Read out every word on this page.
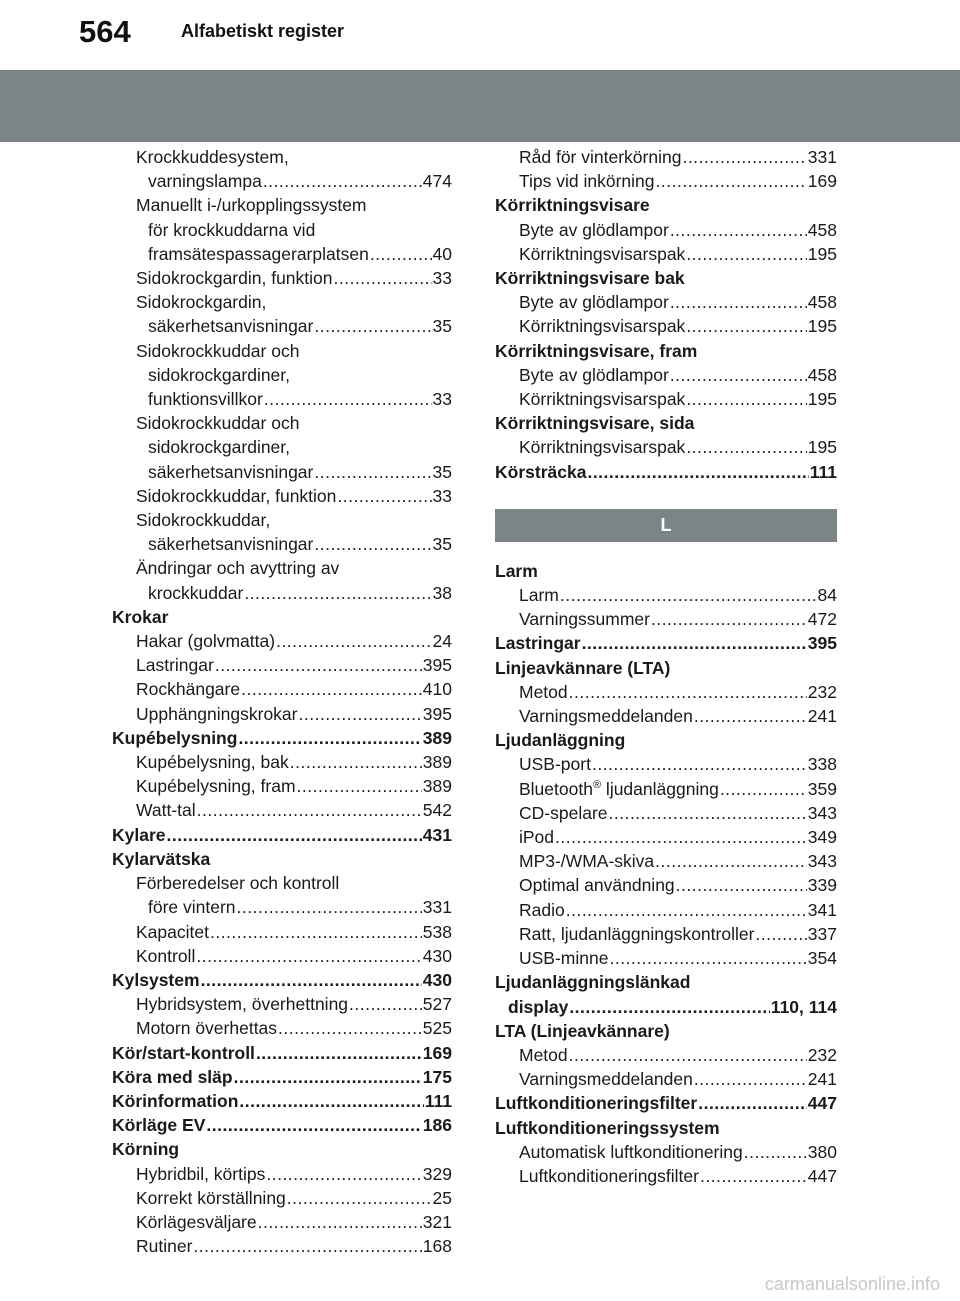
564	Alfabetiskt register
Krockkuddesystem,
varningslampa .....	474
Manuellt i-/urkopplingssystem
för krockkuddarna vid
framsätespassagerarplatsen .....	40
Sidokrockgardin, funktion .....	33
Sidokrockgardin,
säkerhetsanvisningar .....	35
Sidokrockkuddar och
sidokrockgardiner,
funktionsvillkor .....	33
Sidokrockkuddar och
sidokrockgardiner,
säkerhetsanvisningar .....	35
Sidokrockkuddar, funktion .....	33
Sidokrockkuddar,
säkerhetsanvisningar .....	35
Ändringar och avyttring av
krockkuddar .....	38
Krokar
Hakar (golvmatta) .....	24
Lastringar .....	395
Rockhängare .....	410
Upphängningskrokar .....	395
Kupébelysning .....	389
Kupébelysning, bak .....	389
Kupébelysning, fram .....	389
Watt-tal .....	542
Kylare .....	431
Kylarvätska
Förberedelser och kontroll
före vintern .....	331
Kapacitet .....	538
Kontroll .....	430
Kylsystem .....	430
Hybridsystem, överhettning .....	527
Motorn överhettas .....	525
Kör/start-kontroll .....	169
Köra med släp .....	175
Körinformation .....	111
Körläge EV .....	186
Körning
Hybridbil, körtips .....	329
Korrekt körställning .....	25
Körlägesväljare .....	321
Rutiner .....	168
Råd för vinterkörning .....	331
Tips vid inkörning .....	169
Körriktningsvisare
Byte av glödlampor .....	458
Körriktningsvisarspak .....	195
Körriktningsvisare bak
Byte av glödlampor .....	458
Körriktningsvisarspak .....	195
Körriktningsvisare, fram
Byte av glödlampor .....	458
Körriktningsvisarspak .....	195
Körriktningsvisare, sida
Körriktningsvisarspak .....	195
Körsträcka .....	111
L
Larm
Larm .....	84
Varningssummer .....	472
Lastringar .....	395
Linjeavkännare (LTA)
Metod .....	232
Varningsmeddelanden .....	241
Ljudanläggning
USB-port .....	338
Bluetooth® ljudanläggning .....	359
CD-spelare .....	343
iPod .....	349
MP3-/WMA-skiva .....	343
Optimal användning .....	339
Radio .....	341
Ratt, ljudanläggningskontroller .....	337
USB-minne .....	354
Ljudanläggningslänkad
display .....	110, 114
LTA (Linjeavkännare)
Metod .....	232
Varningsmeddelanden .....	241
Luftkonditioneringsfilter .....	447
Luftkonditioneringssystem
Automatisk luftkonditionering .....	380
Luftkonditioneringsfilter .....	447
carmanualsonline.info
